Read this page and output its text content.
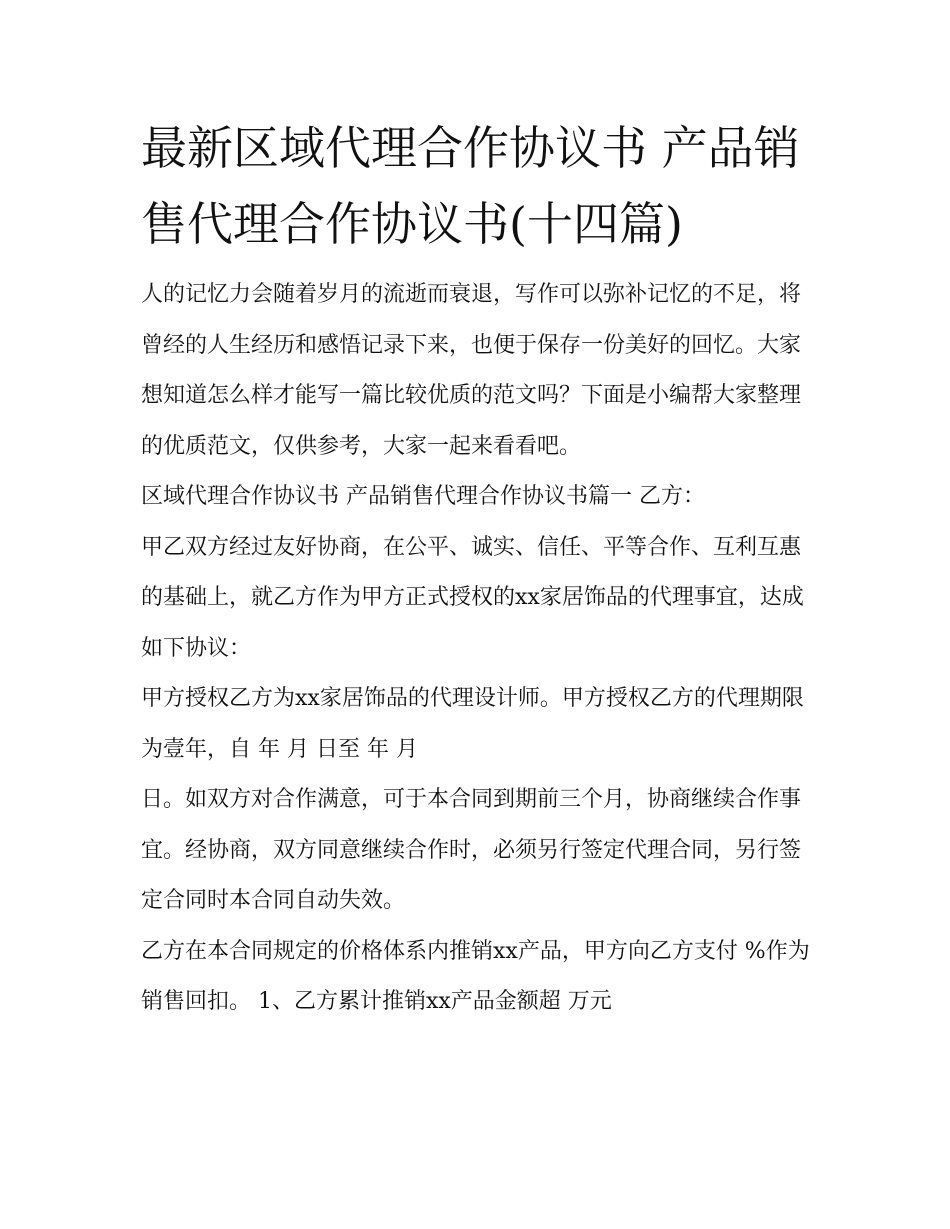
最新区域代理合作协议书 产品销售代理合作协议书(十四篇)

人的记忆力会随着岁月的流逝而衰退，写作可以弥补记忆的不足，将曾经的人生经历和感悟记录下来，也便于保存一份美好的回忆。大家想知道怎么样才能写一篇比较优质的范文吗？下面是小编帮大家整理的优质范文，仅供参考，大家一起来看看吧。

区域代理合作协议书 产品销售代理合作协议书篇一 乙方：

甲乙双方经过友好协商，在公平、诚实、信任、平等合作、互利互惠的基础上，就乙方作为甲方正式授权的xx家居饰品的代理事宜，达成如下协议：

甲方授权乙方为xx家居饰品的代理设计师。甲方授权乙方的代理期限为壹年，自 年 月 日至 年 月

日。如双方对合作满意，可于本合同到期前三个月，协商继续合作事宜。经协商，双方同意继续合作时，必须另行签定代理合同，另行签定合同时本合同自动失效。

乙方在本合同规定的价格体系内推销xx产品，甲方向乙方支付 %作为销售回扣。 1、乙方累计推销xx产品金额超 万元
